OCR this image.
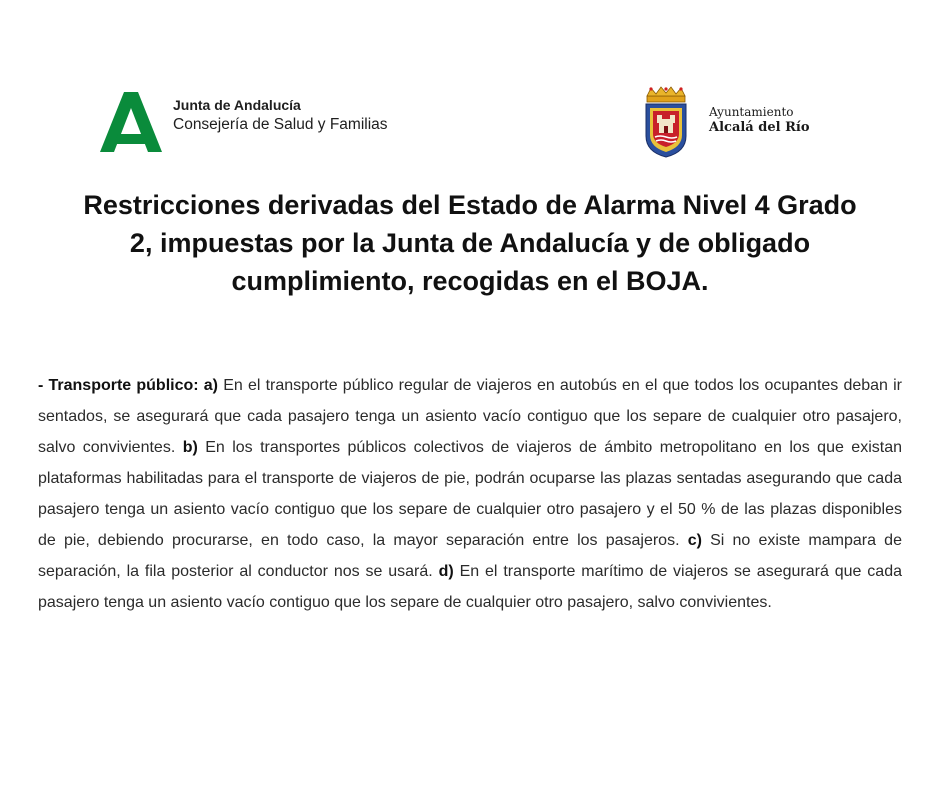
Junta de Andalucía
Consejería de Salud y Familias
Ayuntamiento
Alcalá del Río
Restricciones derivadas del Estado de Alarma Nivel 4 Grado 2, impuestas por la Junta de Andalucía y de obligado cumplimiento, recogidas en el BOJA.

- Transporte público: a) En el transporte público regular de viajeros en autobús en el que todos los ocupantes deban ir sentados, se asegurará que cada pasajero tenga un asiento vacío contiguo que los separe de cualquier otro pasajero, salvo convivientes. b) En los transportes públicos colectivos de viajeros de ámbito metropolitano en los que existan plataformas habilitadas para el transporte de viajeros de pie, podrán ocuparse las plazas sentadas asegurando que cada pasajero tenga un asiento vacío contiguo que los separe de cualquier otro pasajero y el 50 % de las plazas disponibles de pie, debiendo procurarse, en todo caso, la mayor separación entre los pasajeros. c) Si no existe mampara de separación, la fila posterior al conductor nos se usará. d) En el transporte marítimo de viajeros se asegurará que cada pasajero tenga un asiento vacío contiguo que los separe de cualquier otro pasajero, salvo convivientes.
